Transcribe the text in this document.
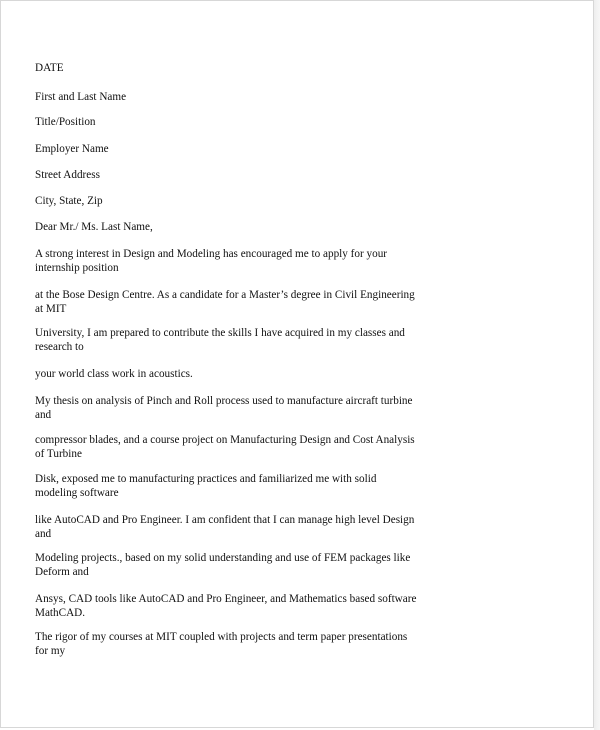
DATE

First and Last Name

Title/Position

Employer Name

Street Address

City, State, Zip

Dear Mr./ Ms. Last Name,

A strong interest in Design and Modeling has encouraged me to apply for your
internship position
at the Bose Design Centre. As a candidate for a Master’s degree in Civil Engineering
at MIT
University, I am prepared to contribute the skills I have acquired in my classes and
research to
your world class work in acoustics.
My thesis on analysis of Pinch and Roll process used to manufacture aircraft turbine
and
compressor blades, and a course project on Manufacturing Design and Cost Analysis
of Turbine
Disk, exposed me to manufacturing practices and familiarized me with solid
modeling software
like AutoCAD and Pro Engineer. I am confident that I can manage high level Design
and
Modeling projects., based on my solid understanding and use of FEM packages like
Deform and
Ansys, CAD tools like AutoCAD and Pro Engineer, and Mathematics based software
MathCAD.
The rigor of my courses at MIT coupled with projects and term paper presentations
for my
